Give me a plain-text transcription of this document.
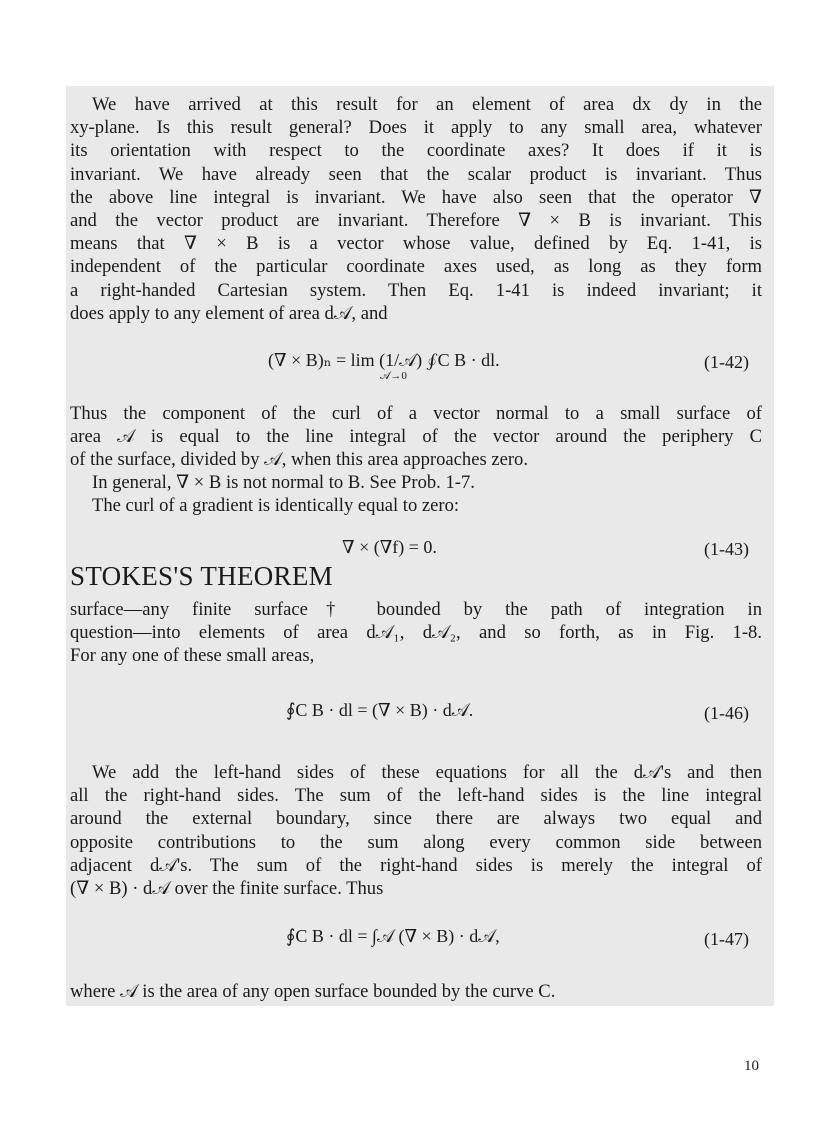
We have arrived at this result for an element of area dx dy in the
xy-plane. Is this result general? Does it apply to any small area, whatever
its orientation with respect to the coordinate axes? It does if it is
invariant. We have already seen that the scalar product is invariant. Thus
the above line integral is invariant. We have also seen that the operator ∇
and the vector product are invariant. Therefore ∇ × B is invariant. This
means that ∇ × B is a vector whose value, defined by Eq. 1-41, is
independent of the particular coordinate axes used, as long as they form
a right-handed Cartesian system. Then Eq. 1-41 is indeed invariant; it
does apply to any element of area d𝒜, and

(∇ × B)ₙ = lim (1/𝒜) ∮C B · dl.
𝒜→0
(1-42)

Thus the component of the curl of a vector normal to a small surface of
area 𝒜 is equal to the line integral of the vector around the periphery C
of the surface, divided by 𝒜, when this area approaches zero.

In general, ∇ × B is not normal to B. See Prob. 1-7.

The curl of a gradient is identically equal to zero:

∇ × (∇f) = 0.	(1-43)
STOKES'S THEOREM

surface—any finite surface† bounded by the path of integration in
question—into elements of area d𝒜₁, d𝒜₂, and so forth, as in Fig. 1-8.
For any one of these small areas,

∮C B · dl = (∇ × B) · d𝒜.	(1-46)

We add the left-hand sides of these equations for all the d𝒜's and then
all the right-hand sides. The sum of the left-hand sides is the line integral
around the external boundary, since there are always two equal and
opposite contributions to the sum along every common side between
adjacent d𝒜's. The sum of the right-hand sides is merely the integral of
(∇ × B) · d𝒜 over the finite surface. Thus

∮C B · dl = ∫𝒜 (∇ × B) · d𝒜,	(1-47)

where 𝒜 is the area of any open surface bounded by the curve C.

10
